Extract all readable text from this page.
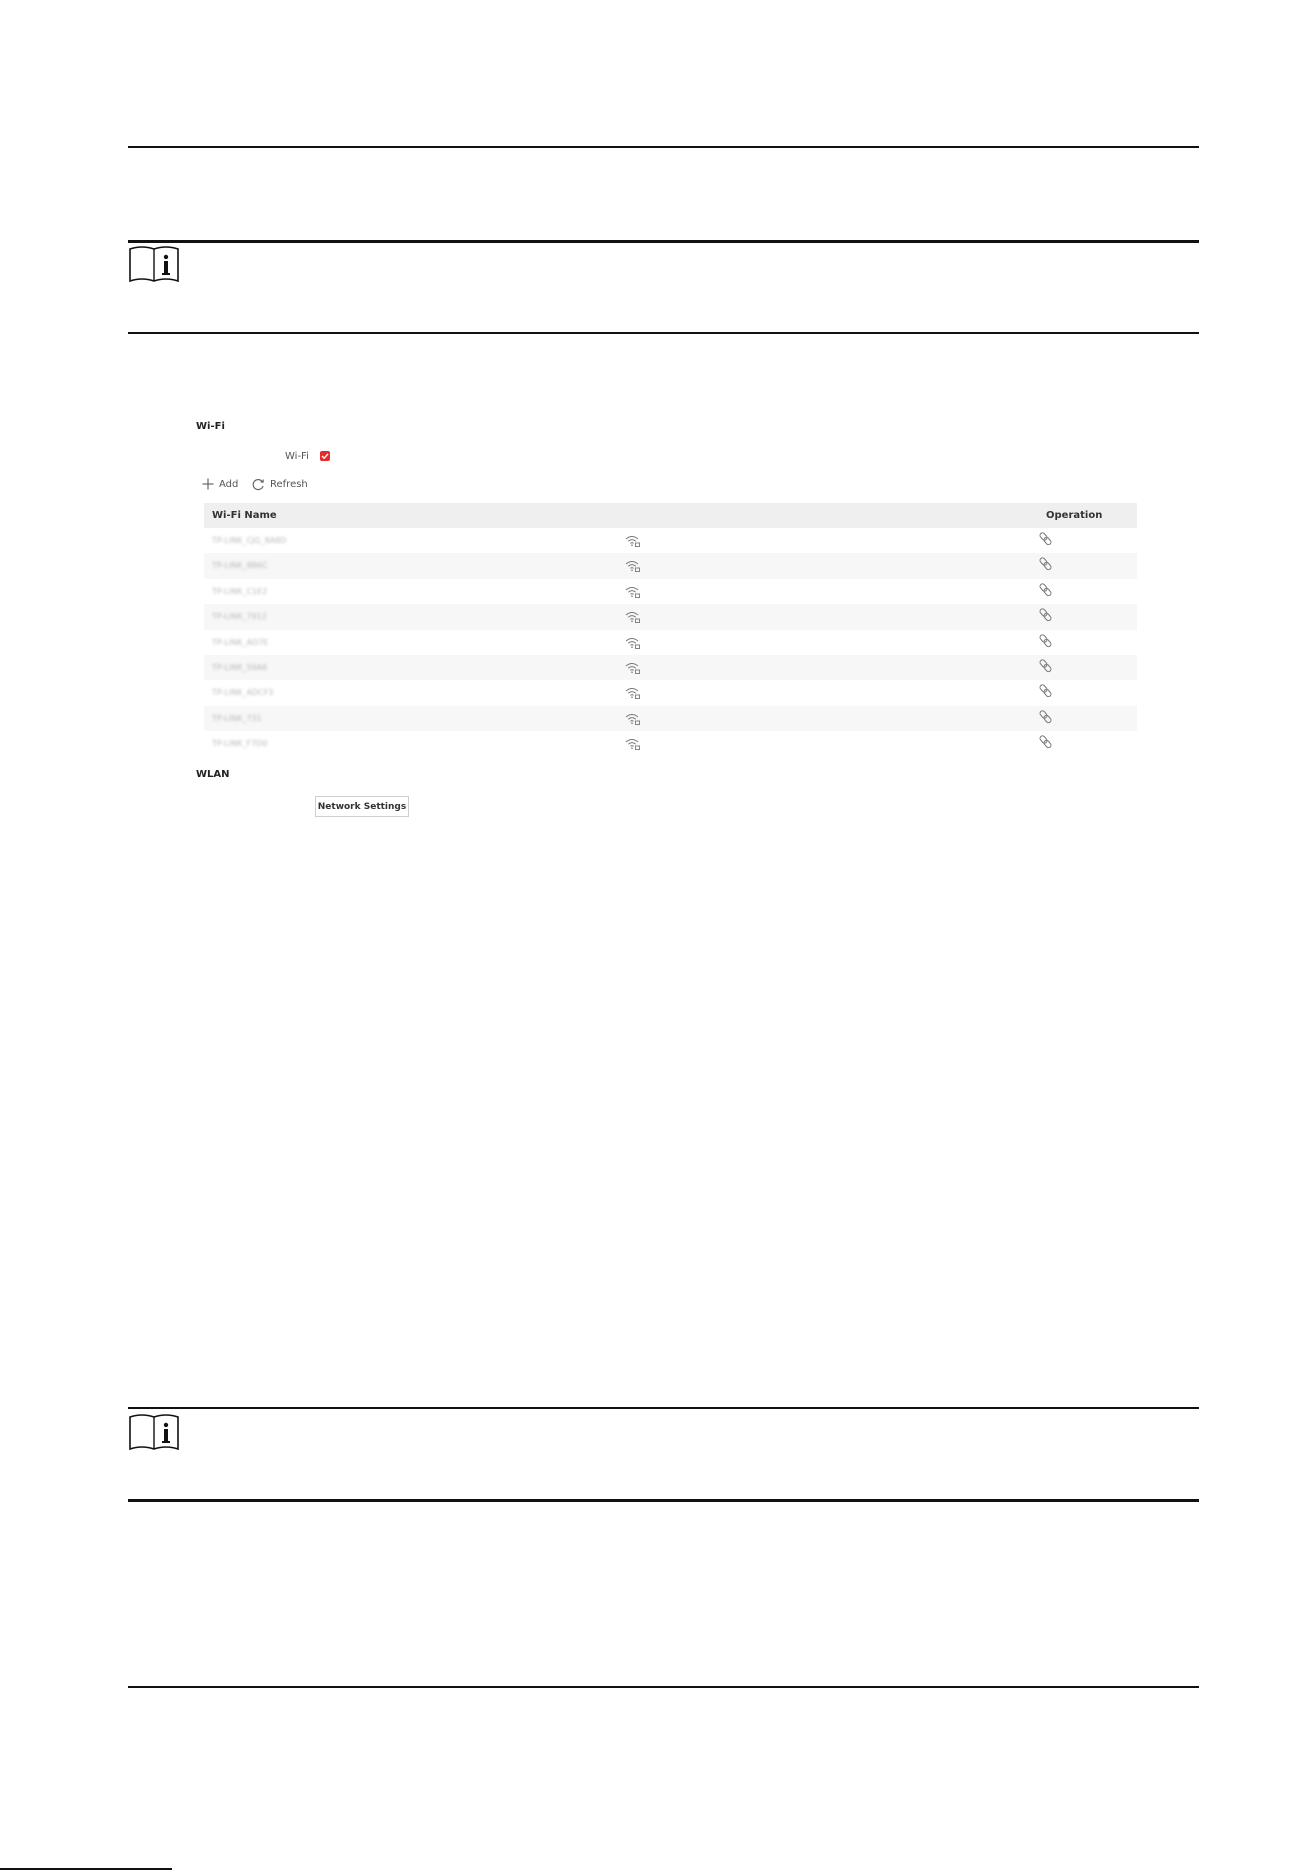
Wi-Fi
Wi-Fi
Add	Refresh
Wi-Fi Name	Operation
TP-LINK_CJG_8A8D
TP-LINK_8B6C
TP-LINK_C1E2
TP-LINK_7912
TP-LINK_AD7E
TP-LINK_59A6
TP-LINK_ADCF3
TP-LINK_731
TP-LINK_F7D0
WLAN
Network Settings
